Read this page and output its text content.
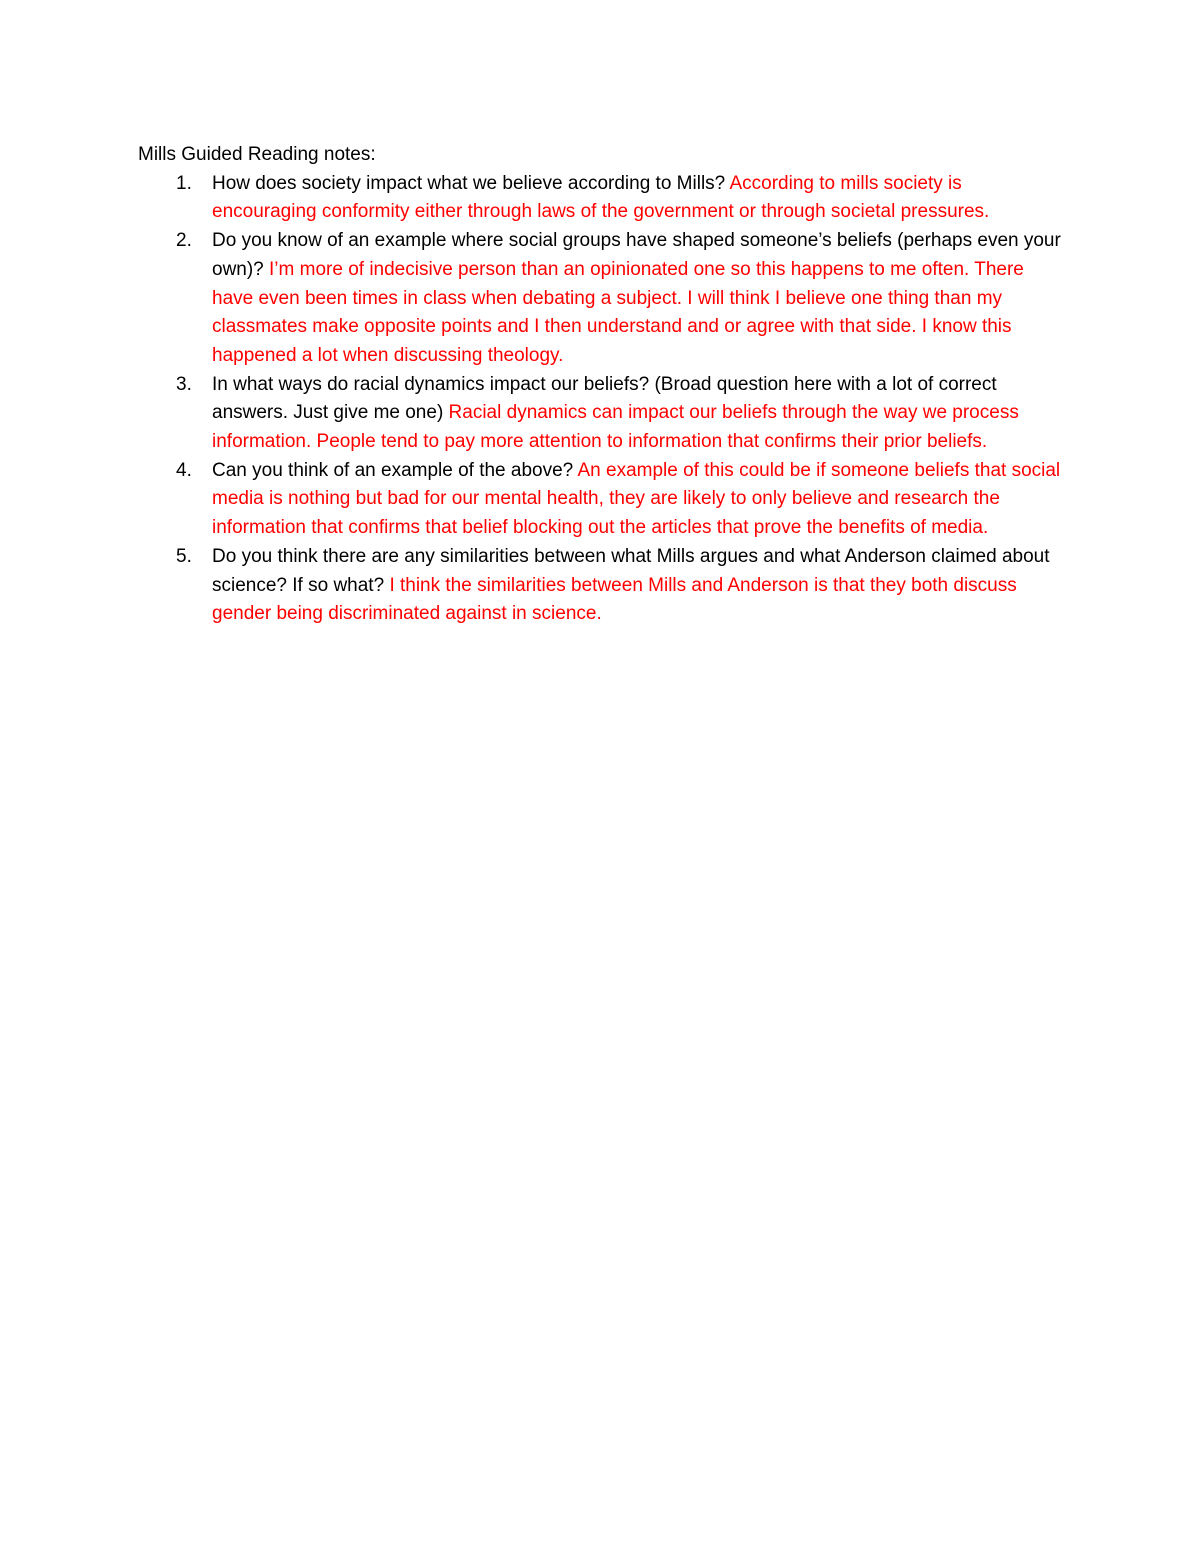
Mills Guided Reading notes:

1. How does society impact what we believe according to Mills? According to mills society is encouraging conformity either through laws of the government or through societal pressures.
2. Do you know of an example where social groups have shaped someone’s beliefs (perhaps even your own)? I’m more of indecisive person than an opinionated one so this happens to me often. There have even been times in class when debating a subject. I will think I believe one thing than my classmates make opposite points and I then understand and or agree with that side. I know this happened a lot when discussing theology.
3. In what ways do racial dynamics impact our beliefs? (Broad question here with a lot of correct answers. Just give me one) Racial dynamics can impact our beliefs through the way we process information. People tend to pay more attention to information that confirms their prior beliefs.
4. Can you think of an example of the above? An example of this could be if someone beliefs that social media is nothing but bad for our mental health, they are likely to only believe and research the information that confirms that belief blocking out the articles that prove the benefits of media.
5. Do you think there are any similarities between what Mills argues and what Anderson claimed about science? If so what? I think the similarities between Mills and Anderson is that they both discuss gender being discriminated against in science.
